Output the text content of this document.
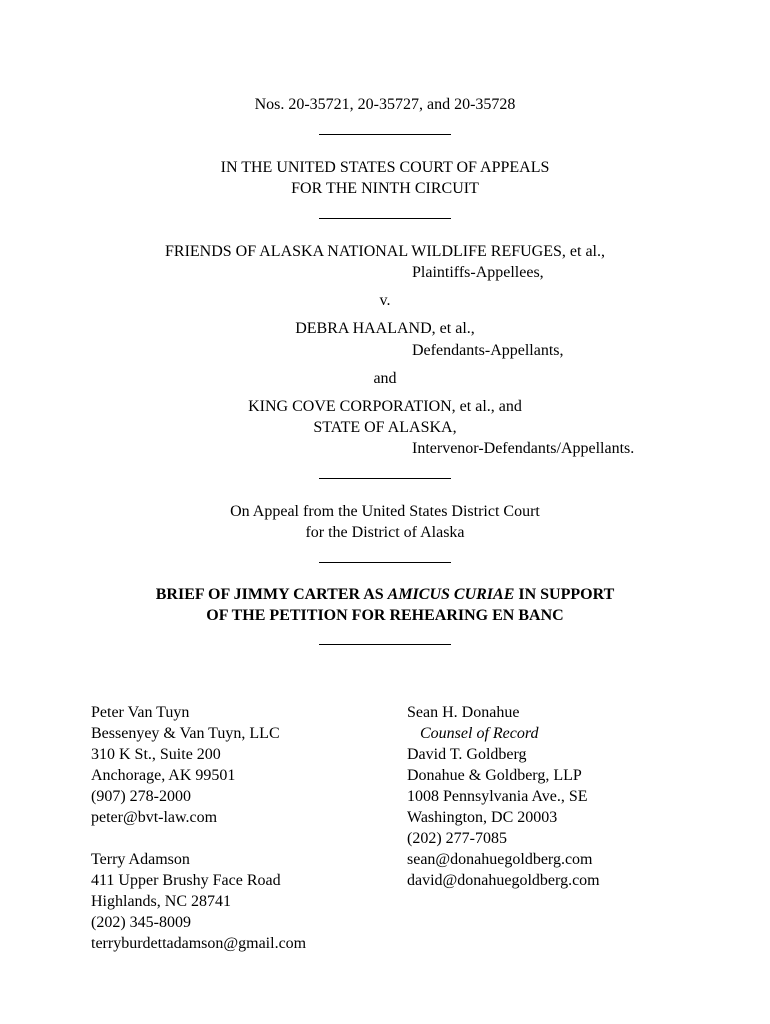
Nos. 20-35721, 20-35727, and 20-35728
IN THE UNITED STATES COURT OF APPEALS
FOR THE NINTH CIRCUIT
FRIENDS OF ALASKA NATIONAL WILDLIFE REFUGES, et al.,
Plaintiffs-Appellees,
v.
DEBRA HAALAND, et al.,
Defendants-Appellants,
and
KING COVE CORPORATION, et al., and
STATE OF ALASKA,
Intervenor-Defendants/Appellants.
On Appeal from the United States District Court
for the District of Alaska
BRIEF OF JIMMY CARTER AS AMICUS CURIAE IN SUPPORT
OF THE PETITION FOR REHEARING EN BANC
Peter Van Tuyn
Bessenyey & Van Tuyn, LLC
310 K St., Suite 200
Anchorage, AK 99501
(907) 278-2000
peter@bvt-law.com
Terry Adamson
411 Upper Brushy Face Road
Highlands, NC 28741
(202) 345-8009
terryburdettadamson@gmail.com
Sean H. Donahue
Counsel of Record
David T. Goldberg
Donahue & Goldberg, LLP
1008 Pennsylvania Ave., SE
Washington, DC 20003
(202) 277-7085
sean@donahuegoldberg.com
david@donahuegoldberg.com
